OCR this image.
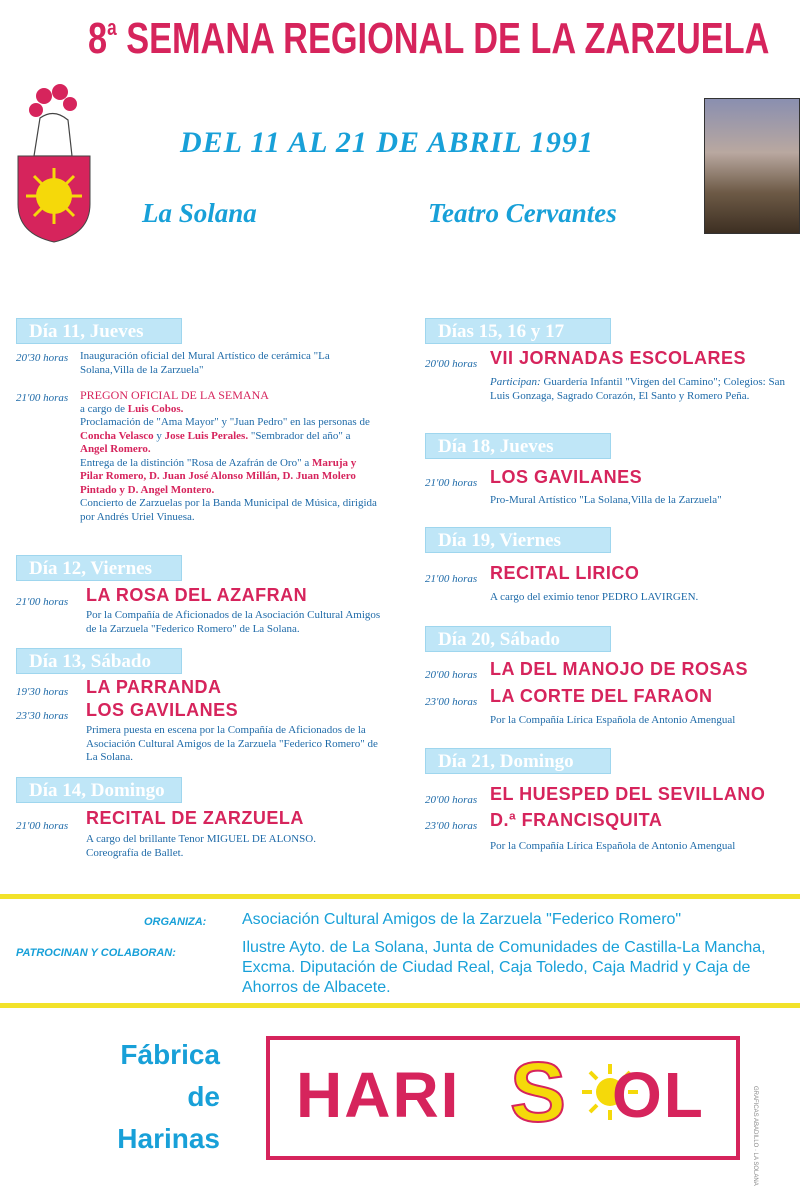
8$^a$ SEMANA REGIONAL DE LA ZARZUELA
DEL 11 AL 21 DE ABRIL 1991
La Solana	Teatro Cervantes
Día 11, Jueves
20'30 horas Inauguración oficial del Mural Artístico de cerámica "La Solana,Villa de la Zarzuela"
21'00 horas PREGON OFICIAL DE LA SEMANA
a cargo de Luis Cobos.
Proclamación de "Ama Mayor" y "Juan Pedro" en las personas de Concha Velasco y Jose Luis Perales. "Sembrador del año" a Angel Romero.
Entrega de la distinción "Rosa de Azafrán de Oro" a Maruja y Pilar Romero, D. Juan José Alonso Millán, D. Juan Molero Pintado y D. Angel Montero.
Concierto de Zarzuelas por la Banda Municipal de Música, dirigida por Andrés Uriel Vinuesa.
Día 12, Viernes
21'00 horas LA ROSA DEL AZAFRAN
Por la Compañía de Aficionados de la Asociación Cultural Amigos de la Zarzuela "Federico Romero" de La Solana.
Día 13, Sábado
19'30 horas LA PARRANDA
23'30 horas LOS GAVILANES
Primera puesta en escena por la Compañía de Aficionados de la Asociación Cultural Amigos de la Zarzuela "Federico Romero" de La Solana.
Día 14, Domingo
21'00 horas RECITAL DE ZARZUELA
A cargo del brillante Tenor MIGUEL DE ALONSO.
Coreografía de Ballet.
Días 15, 16 y 17
20'00 horas VII JORNADAS ESCOLARES
Participan: Guardería Infantil "Virgen del Camino"; Colegios: San Luis Gonzaga, Sagrado Corazón, El Santo y Romero Peña.
Día 18, Jueves
21'00 horas LOS GAVILANES
Pro-Mural Artístico "La Solana,Villa de la Zarzuela"
Día 19, Viernes
21'00 horas RECITAL LIRICO
A cargo del eximio tenor PEDRO LAVIRGEN.
Día 20, Sábado
20'00 horas LA DEL MANOJO DE ROSAS
23'00 horas LA CORTE DEL FARAON
Por la Compañía Lírica Española de Antonio Amengual
Día 21, Domingo
20'00 horas EL HUESPED DEL SEVILLANO
23'00 horas D.ª FRANCISQUITA
Por la Compañía Lírica Española de Antonio Amengual
ORGANIZA: Asociación Cultural Amigos de la Zarzuela "Federico Romero"
PATROCINAN Y COLABORAN:	Ilustre Ayto. de La Solana, Junta de Comunidades de Castilla-La Mancha, Excma. Diputación de Ciudad Real, Caja Toledo, Caja Madrid y Caja de Ahorros de Albacete.
Fábrica
de
Harinas
HARI S OL	GRAFICAS ABADILLO · LA SOLANA
